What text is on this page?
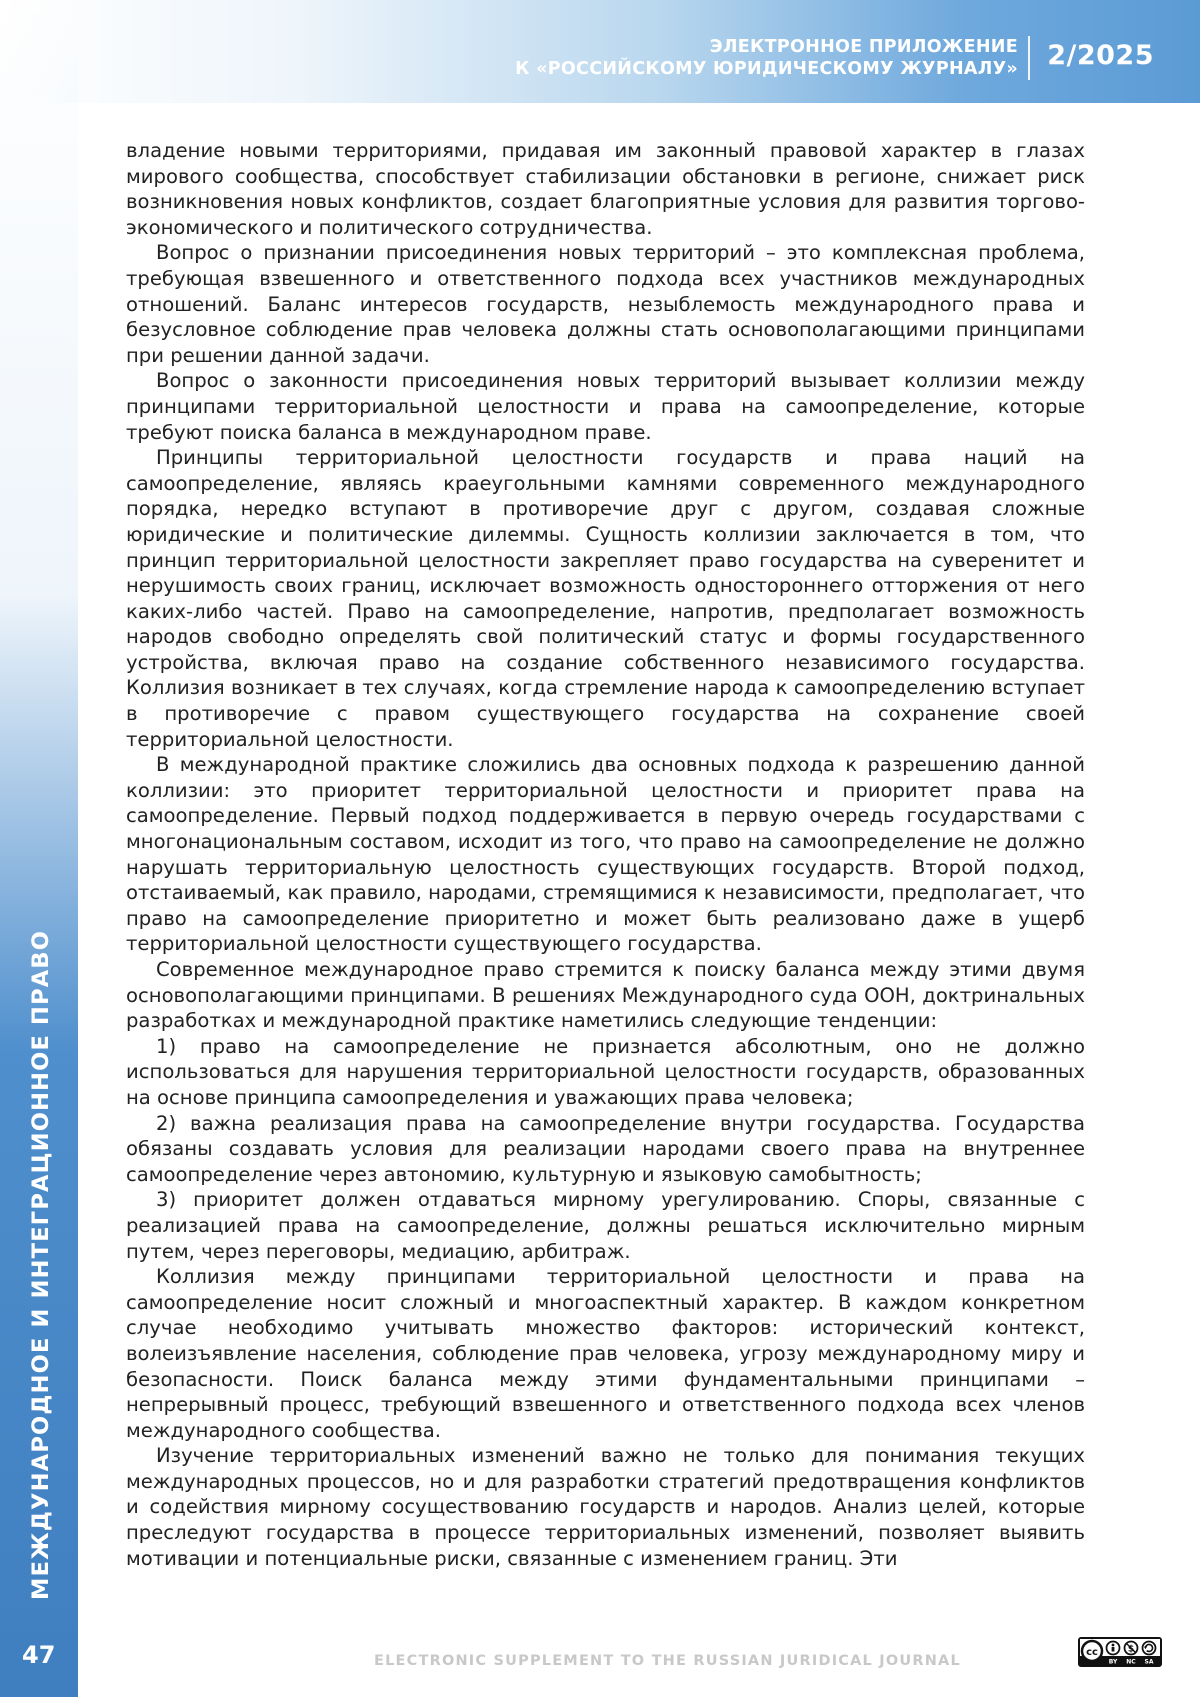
ЭЛЕКТРОННОЕ ПРИЛОЖЕНИЕ
К «РОССИЙСКОМУ ЮРИДИЧЕСКОМУ ЖУРНАЛУ» 2/2025
МЕЖДУНАРОДНОЕ И ИНТЕГРАЦИОННОЕ ПРАВО
47

владение новыми территориями, придавая им законный правовой характер в глазах мирового сообщества, способствует стабилизации обстановки в регионе, снижает риск возникновения новых конфликтов, создает благоприятные условия для развития торгово-экономического и политического сотрудничества.

Вопрос о признании присоединения новых территорий – это комплексная проблема, требующая взвешенного и ответственного подхода всех участников международных отношений. Баланс интересов государств, незыблемость международного права и безусловное соблюдение прав человека должны стать основополагающими принципами при решении данной задачи.

Вопрос о законности присоединения новых территорий вызывает коллизии между принципами территориальной целостности и права на самоопределение, которые требуют поиска баланса в международном праве.

Принципы территориальной целостности государств и права наций на самоопределение, являясь краеугольными камнями современного международного порядка, нередко вступают в противоречие друг с другом, создавая сложные юридические и политические дилеммы. Сущность коллизии заключается в том, что принцип территориальной целостности закрепляет право государства на суверенитет и нерушимость своих границ, исключает возможность одностороннего отторжения от него каких-либо частей. Право на самоопределение, напротив, предполагает возможность народов свободно определять свой политический статус и формы государственного устройства, включая право на создание собственного независимого государства. Коллизия возникает в тех случаях, когда стремление народа к самоопределению вступает в противоречие с правом существующего государства на сохранение своей территориальной целостности.

В международной практике сложились два основных подхода к разрешению данной коллизии: это приоритет территориальной целостности и приоритет права на самоопределение. Первый подход поддерживается в первую очередь государствами с многонациональным составом, исходит из того, что право на самоопределение не должно нарушать территориальную целостность существующих государств. Второй подход, отстаиваемый, как правило, народами, стремящимися к независимости, предполагает, что право на самоопределение приоритетно и может быть реализовано даже в ущерб территориальной целостности существующего государства.

Современное международное право стремится к поиску баланса между этими двумя основополагающими принципами. В решениях Международного суда ООН, доктринальных разработках и международной практике наметились следующие тенденции:

1) право на самоопределение не признается абсолютным, оно не должно использоваться для нарушения территориальной целостности государств, образованных на основе принципа самоопределения и уважающих права человека;

2) важна реализация права на самоопределение внутри государства. Государства обязаны создавать условия для реализации народами своего права на внутреннее самоопределение через автономию, культурную и языковую самобытность;

3) приоритет должен отдаваться мирному урегулированию. Споры, связанные с реализацией права на самоопределение, должны решаться исключительно мирным путем, через переговоры, медиацию, арбитраж.

Коллизия между принципами территориальной целостности и права на самоопределение носит сложный и многоаспектный характер. В каждом конкретном случае необходимо учитывать множество факторов: исторический контекст, волеизъявление населения, соблюдение прав человека, угрозу международному миру и безопасности. Поиск баланса между этими фундаментальными принципами – непрерывный процесс, требующий взвешенного и ответственного подхода всех членов международного сообщества.

Изучение территориальных изменений важно не только для понимания текущих международных процессов, но и для разработки стратегий предотвращения конфликтов и содействия мирному сосуществованию государств и народов. Анализ целей, которые преследуют государства в процессе территориальных изменений, позволяет выявить мотивации и потенциальные риски, связанные с изменением границ. Эти

ELECTRONIC SUPPLEMENT TO THE RUSSIAN JURIDICAL JOURNAL
cc	$
BY NC SA
